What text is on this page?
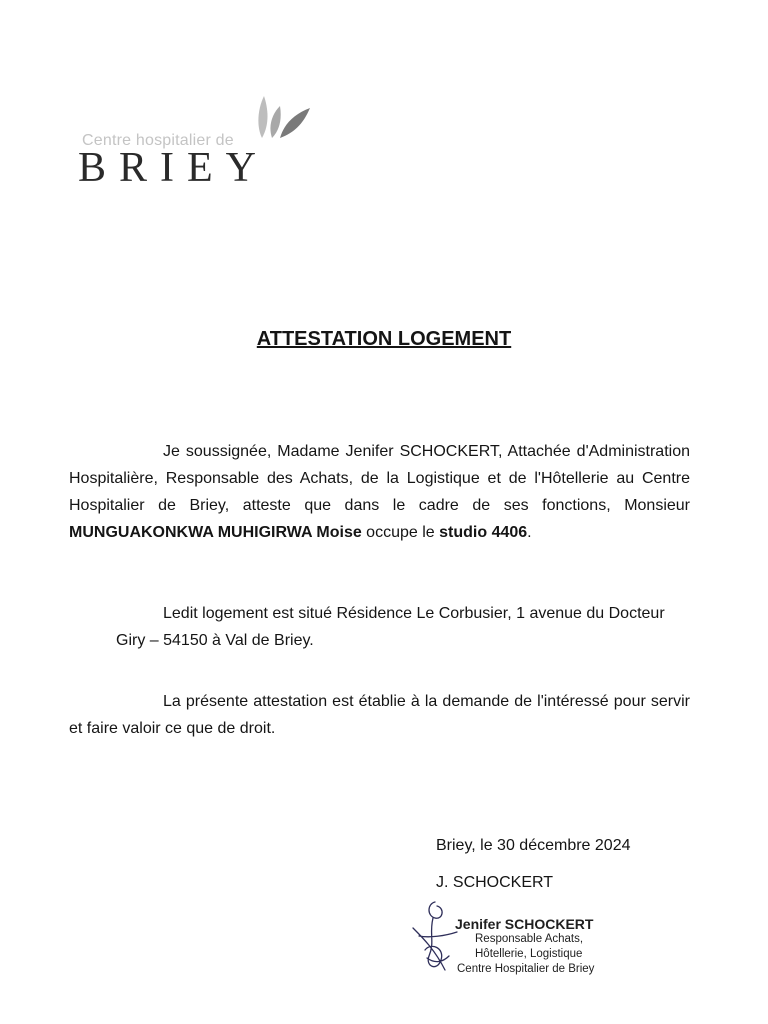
Centre hospitalier de
BRIEY
ATTESTATION LOGEMENT

Je soussignée, Madame Jenifer SCHOCKERT, Attachée d'Administration Hospitalière, Responsable des Achats, de la Logistique et de l'Hôtellerie au Centre Hospitalier de Briey, atteste que dans le cadre de ses fonctions, Monsieur MUNGUAKONKWA MUHIGIRWA Moise occupe le studio 4406.

Ledit logement est situé Résidence Le Corbusier, 1 avenue du Docteur
Giry – 54150 à Val de Briey.

La présente attestation est établie à la demande de l'intéressé pour servir et faire valoir ce que de droit.

Briey, le 30 décembre 2024
J. SCHOCKERT
Jenifer SCHOCKERT
Responsable Achats,
Hôtellerie, Logistique
Centre Hospitalier de Briey
